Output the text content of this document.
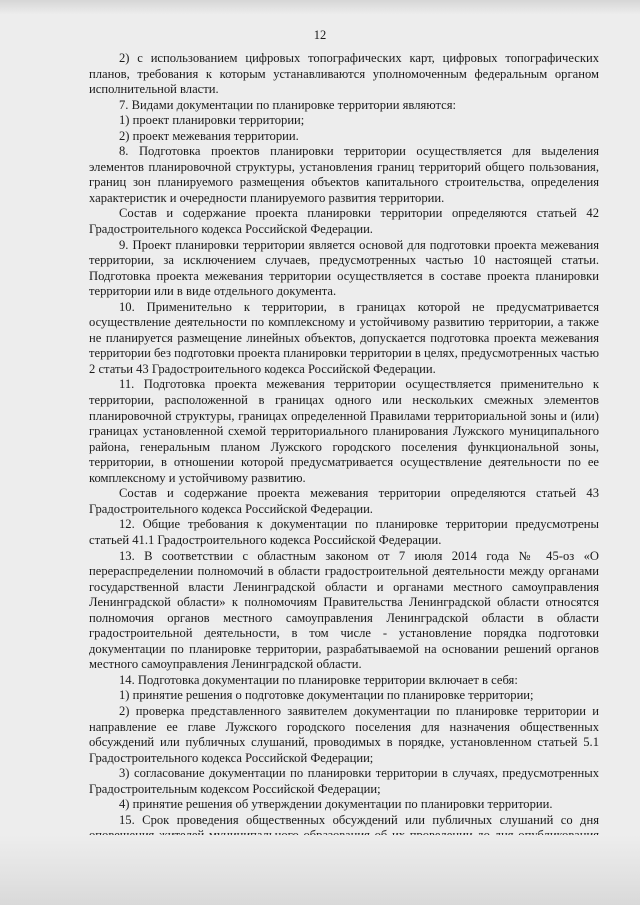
12

2) с использованием цифровых топографических карт, цифровых топографических планов, требования к которым устанавливаются уполномоченным федеральным органом исполнительной власти.

7. Видами документации по планировке территории являются:

1) проект планировки территории;

2) проект межевания территории.

8. Подготовка проектов планировки территории осуществляется для выделения элементов планировочной структуры, установления границ территорий общего пользования, границ зон планируемого размещения объектов капитального строительства, определения характеристик и очередности планируемого развития территории.

Состав и содержание проекта планировки территории определяются статьей 42 Градостроительного кодекса Российской Федерации.

9. Проект планировки территории является основой для подготовки проекта межевания территории, за исключением случаев, предусмотренных частью 10 настоящей статьи. Подготовка проекта межевания территории осуществляется в составе проекта планировки территории или в виде отдельного документа.

10. Применительно к территории, в границах которой не предусматривается осуществление деятельности по комплексному и устойчивому развитию территории, а также не планируется размещение линейных объектов, допускается подготовка проекта межевания территории без подготовки проекта планировки территории в целях, предусмотренных частью 2 статьи 43 Градостроительного кодекса Российской Федерации.

11. Подготовка проекта межевания территории осуществляется применительно к территории, расположенной в границах одного или нескольких смежных элементов планировочной структуры, границах определенной Правилами территориальной зоны и (или) границах установленной схемой территориального планирования Лужского муниципального района, генеральным планом Лужского городского поселения функциональной зоны, территории, в отношении которой предусматривается осуществление деятельности по ее комплексному и устойчивому развитию.

Состав и содержание проекта межевания территории определяются статьей 43 Градостроительного кодекса Российской Федерации.

12. Общие требования к документации по планировке территории предусмотрены статьей 41.1 Градостроительного кодекса Российской Федерации.

13. В соответствии с областным законом от 7 июля 2014 года № 45-оз «О перераспределении полномочий в области градостроительной деятельности между органами государственной власти Ленинградской области и органами местного самоуправления Ленинградской области» к полномочиям Правительства Ленинградской области относятся полномочия органов местного самоуправления Ленинградской области в области градостроительной деятельности, в том числе - установление порядка подготовки документации по планировке территории, разрабатываемой на основании решений органов местного самоуправления Ленинградской области.

14. Подготовка документации по планировке территории включает в себя:

1) принятие решения о подготовке документации по планировке территории;

2) проверка представленного заявителем документации по планировке территории и направление ее главе Лужского городского поселения для назначения общественных обсуждений или публичных слушаний, проводимых в порядке, установленном статьей 5.1 Градостроительного кодекса Российской Федерации;

3) согласование документации по планировки территории в случаях, предусмотренных Градостроительным кодексом Российской Федерации;

4) принятие решения об утверждении документации по планировки территории.

15. Срок проведения общественных обсуждений или публичных слушаний со дня
